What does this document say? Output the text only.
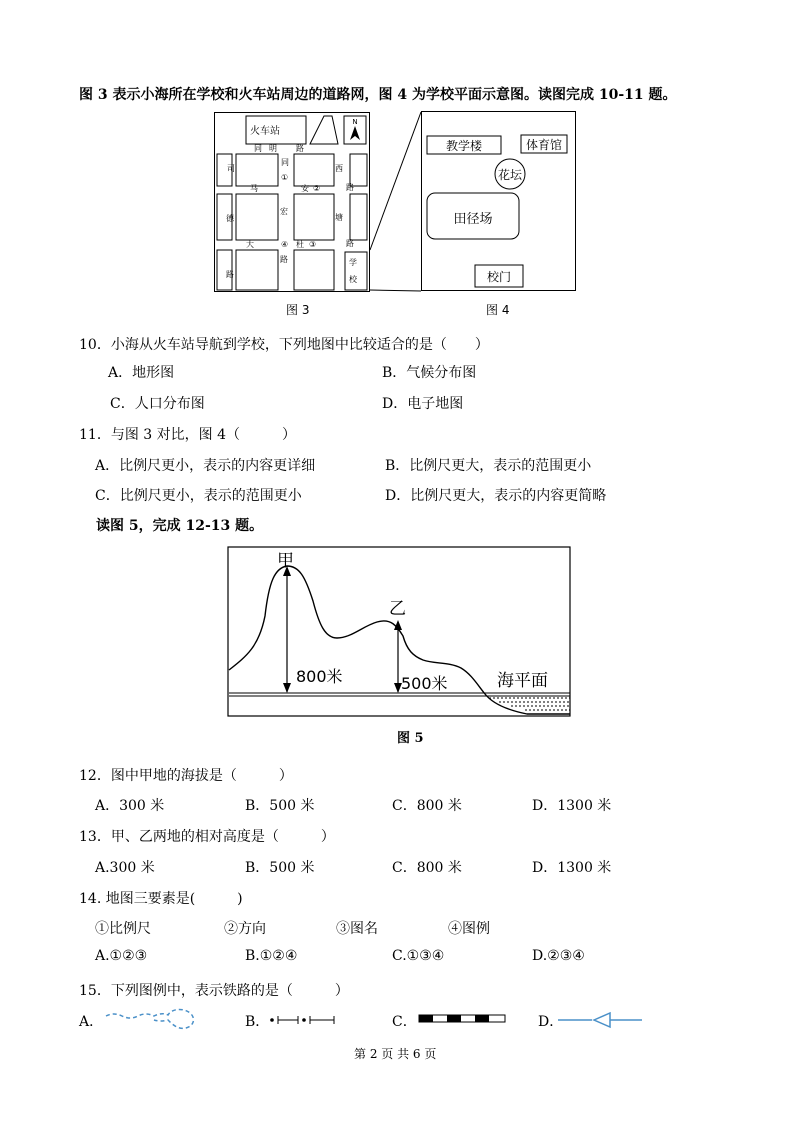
图 3 表示小海所在学校和火车站周边的道路网，图 4 为学校平面示意图。读图完成 10-11 题。
火车站
N
同 明 路
司
德
路
同
①
西
路
塘
路
马	安 ②
宏
路
大	④ 杜 ③
学
校
教学楼	体育馆
花坛
田径场
校门
图 3	图 4
10．小海从火车站导航到学校，下列地图中比较适合的是（　　）
A．地形图	B．气候分布图
C．人口分布图	D．电子地图
11．与图 3 对比，图 4（　　　）
A．比例尺更小，表示的内容更详细	B．比例尺更大，表示的范围更小
C．比例尺更小，表示的范围更小	D．比例尺更大，表示的内容更简略
读图 5，完成 12-13 题。
甲
乙
800米	500米	海平面
图 5
12．图中甲地的海拔是（　　　）
A．300 米	B．500 米	C．800 米	D．1300 米
13．甲、乙两地的相对高度是（　　　）
A.300 米	B．500 米	C．800 米	D．1300 米
14. 地图三要素是(　　　)
①比例尺	②方向	③图名	④图例
A.①②③	B.①②④	C.①③④	D.②③④
15．下列图例中，表示铁路的是（　　　）
A．	B．	C．	D．
第 2 页 共 6 页
